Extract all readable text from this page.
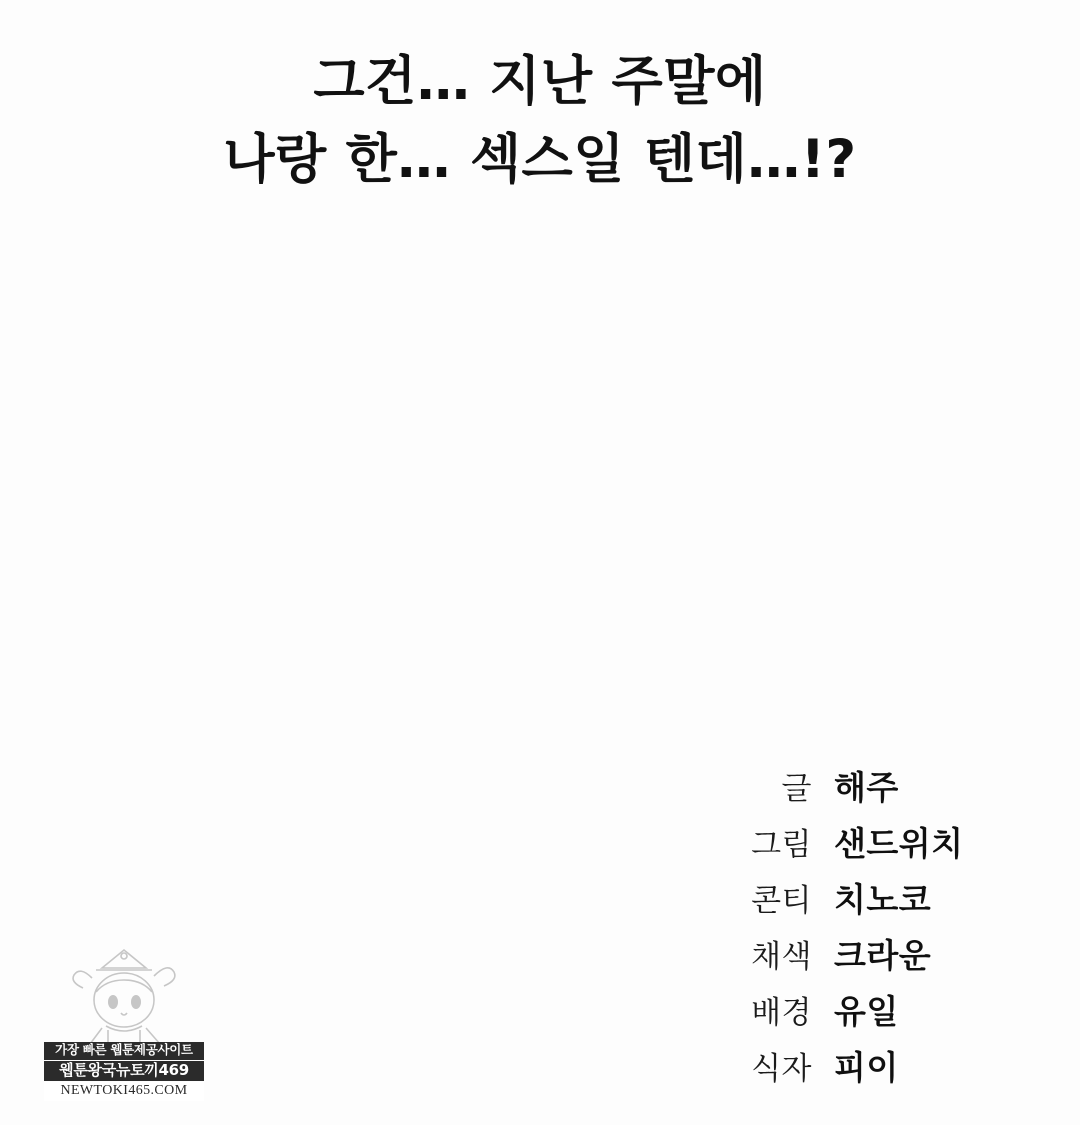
그건… 지난 주말에
나랑 한… 섹스일 텐데…!?
글 해주
그림 샌드위치
콘티 치노코
채색 크라운
배경 유일
식자 피이
가장 빠른 웹툰제공사이트
웹툰왕국뉴토끼469
NEWTOKI465.COM
